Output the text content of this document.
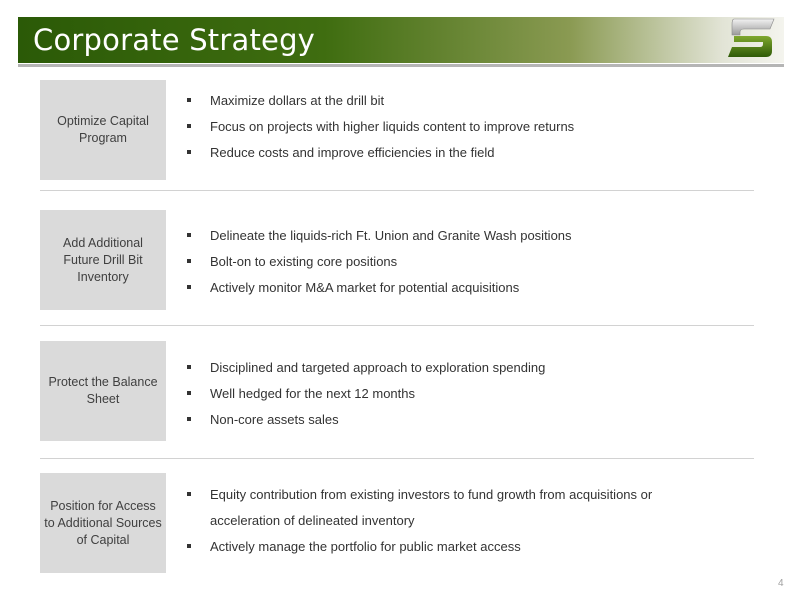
Corporate Strategy
Optimize Capital Program
Maximize dollars at the drill bit
Focus on projects with higher liquids content to improve returns
Reduce costs and improve efficiencies in the field
Add Additional Future Drill Bit Inventory
Delineate the liquids-rich Ft. Union and Granite Wash positions
Bolt-on to existing core positions
Actively monitor M&A market for potential acquisitions
Protect the Balance Sheet
Disciplined and targeted approach to exploration spending
Well hedged for the next 12 months
Non-core assets sales
Position for Access to Additional Sources of Capital
Equity contribution from existing investors to fund growth from acquisitions or acceleration of delineated inventory
Actively manage the portfolio for public market access
4
